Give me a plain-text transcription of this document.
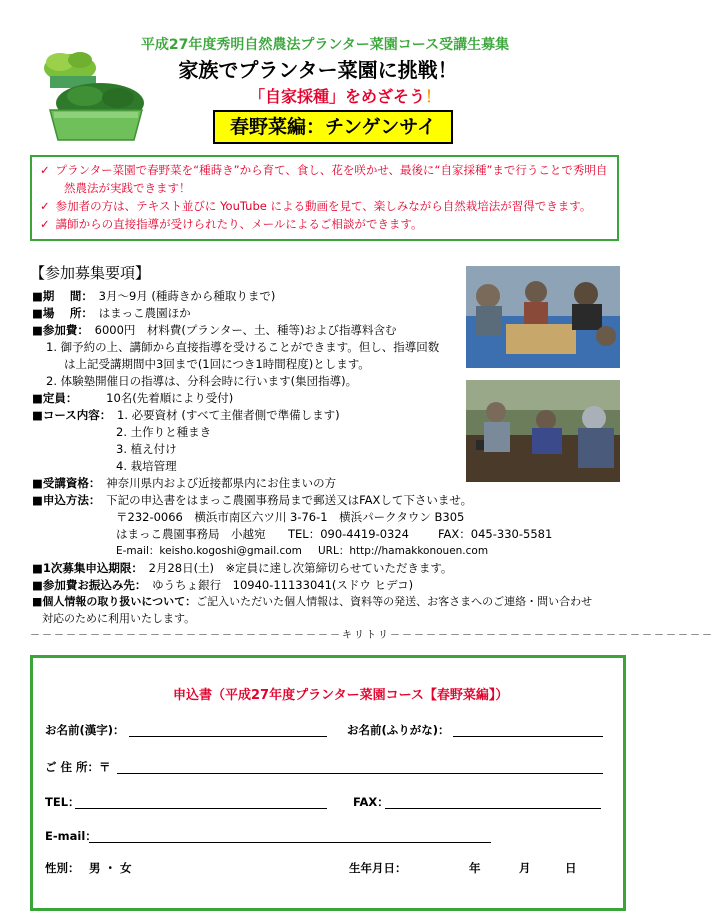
平成27年度秀明自然農法プランター菜園コース受講生募集
家族でプランター菜園に挑戦！
「自家採種」をめざそう！
春野菜編：チンゲンサイ
✓ プランター菜園で春野菜を“種蒔き”から育て、食し、花を咲かせ、最後に“自家採種”まで行うことで秀明自
然農法が実践できます！
✓ 参加者の方は、テキスト並びに YouTube による動画を見て、楽しみながら自然栽培法が習得できます。
✓ 講師からの直接指導が受けられたり、メールによるご相談ができます。
【参加募集要項】
■期　 間：　 3月～9月 (種蒔きから種取りまで)
■場　 所：　 はまっこ農園ほか
■参加費：　 6000円　材料費(プランター、土、種等)および指導料含む
1. 御予約の上、講師から直接指導を受けることができます。但し、指導回数
は上記受講期間中3回まで(1回につき1時間程度)とします。
2. 体験塾開催日の指導は、分科会時に行います(集団指導)。
■定員：　　　	10名(先着順により受付)
■コース内容：　 1. 必要資材 (すべて主催者側で準備します)
2. 土作りと種まき
3. 植え付け
4. 栽培管理
■受講資格：　 神奈川県内および近接都県内にお住まいの方
■申込方法：　 下記の申込書をはまっこ農園事務局まで郵送又はFAXして下さいませ。
〒232-0066　横浜市南区六ツ川 3-76-1　横浜パークタウン B305
はまっこ農園事務局　小越宛 TEL：090-4419-0324	FAX：045-330-5581
E-mail：keisho.kogoshi@gmail.com URL：http://hamakkonouen.com
■1次募集申込期限：　 2月28日(土)　※定員に達し次第締切らせていただきます。
■参加費お振込み先：　 ゆうちょ銀行　10940-11133041(スドウ ヒデコ)
■個人情報の取り扱いについて：ご記入いただいた個人情報は、資料等の発送、お客さまへのご連絡・問い合わせ
対応のために利用いたします。
－－－－－－－－－－－－－－－－－－－－－－－－－－キリトリ－－－－－－－－－－－－－－－－－－－－－－－－－－－
申込書（平成27年度プランター菜園コース【春野菜編】）
お名前(漢字)：	お名前(ふりがな)：
ご 住 所：〒
TEL：	FAX：
E-mail：
性別： 男 ・ 女	生年月日：	年	月	日
